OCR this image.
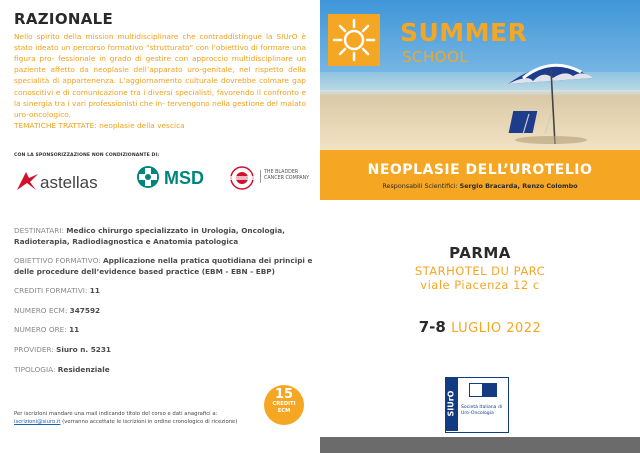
RAZIONALE

Nello spirito della mission multidisciplinare che contraddistingue la SIUrO è stato ideato un percorso formativo “strutturato” con l’obiettivo di formare una figura pro- fessionale in grado di gestire con approccio multidisciplinare un paziente affetto da neoplasie dell’apparato uro-genitale, nel rispetto della specialità di appartenenza. L’aggiornamento culturale dovrebbe colmare gap conoscitivi e di comunicazione tra i diversi specialisti, favorendo il confronto e la sinergia tra i vari professionisti che in- tervengono nella gestione del malato uro-oncologico.
TEMATICHE TRATTATE: neoplasie della vescica

CON LA SPONSORIZZAZIONE NON CONDIZIONANTE DI:
astellas	MSD	THE BLADDER CANCER COMPANY
SUMMER
SCHOOL
NEOPLASIE DELL’UROTELIO
Responsabili Scientifici: Sergio Bracarda, Renzo Colombo
DESTINATARI: Medico chirurgo specializzato in Urologia, Oncologia, Radioterapia, Radiodiagnostica e Anatomia patologica
OBIETTIVO FORMATIVO: Applicazione nella pratica quotidiana dei principi e delle procedure dell’evidence based practice (EBM - EBN - EBP)
CREDITI FORMATIVI: 11
NUMERO ECM: 347592
NUMERO ORE: 11
PROVIDER: Siuro n. 5231
TIPOLOGIA: Residenziale
Per iscrizioni mandare una mail indicando titolo del corso e dati anagrafici a:
iscrizioni@siuro.it (verranno accettate le iscrizioni in ordine cronologico di ricezione)
15
CREDITI
ECM
PARMA
STARHOTEL DU PARC
viale Piacenza 12 c
7-8 LUGLIO 2022
SIUrO Società Italiana di Uro-Oncologia
